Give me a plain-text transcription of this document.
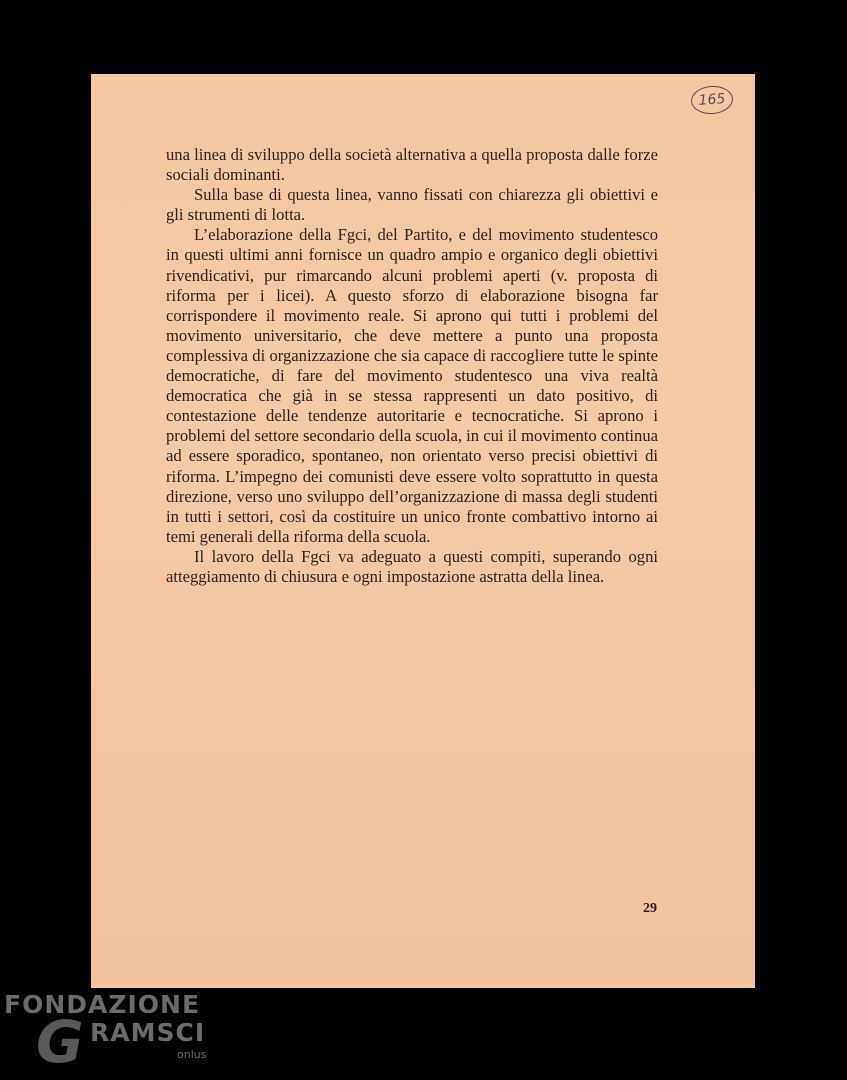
165

una linea di sviluppo della società alternativa a quella proposta dalle forze sociali dominanti.

Sulla base di questa linea, vanno fissati con chiarezza gli obiettivi e gli strumenti di lotta.

L’elaborazione della Fgci, del Partito, e del movimento studentesco in questi ultimi anni fornisce un quadro ampio e organico degli obiettivi rivendicativi, pur rimarcando alcuni problemi aperti (v. proposta di riforma per i licei). A questo sforzo di elaborazione bisogna far corrispondere il movimento reale. Si aprono qui tutti i problemi del movimento universitario, che deve mettere a punto una proposta complessiva di organizzazione che sia capace di raccogliere tutte le spinte democratiche, di fare del movimento studentesco una viva realtà democratica che già in se stessa rappresenti un dato positivo, di contestazione delle tendenze autoritarie e tecnocratiche. Si aprono i problemi del settore secondario della scuola, in cui il movimento continua ad essere sporadico, spontaneo, non orientato verso precisi obiettivi di riforma. L’impegno dei comunisti deve essere volto soprattutto in questa direzione, verso uno sviluppo dell’organizzazione di massa degli studenti in tutti i settori, così da costituire un unico fronte combattivo intorno ai temi generali della riforma della scuola.

Il lavoro della Fgci va adeguato a questi compiti, superando ogni atteggiamento di chiusura e ogni impostazione astratta della linea.

29
FONDAZIONE
G RAMSCI
onlus
